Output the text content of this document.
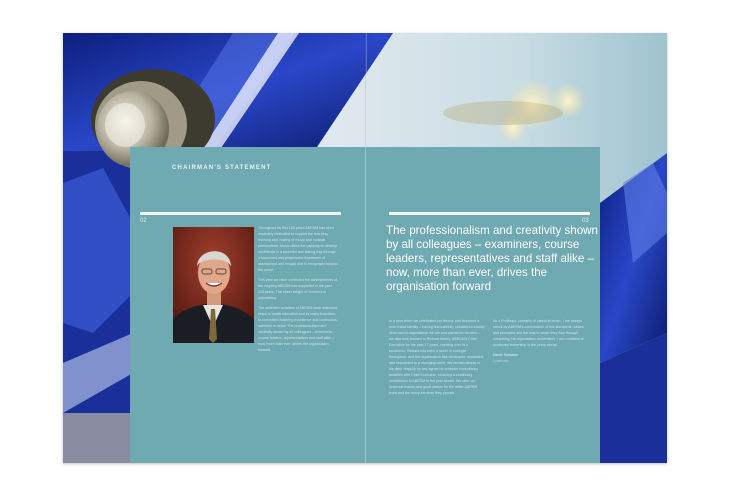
CHAIRMAN'S STATEMENT
02

Throughout its first 125 years ABRSM has been resolutely motivated to support the teaching, learning and making of music and musical performance. Music offers the capacity to develop confidence in a powerful and lasting way through a structured and progressive framework of assessment and reward that is recognised around the world.

This year we have continued the achievements of the ongoing ABRSM has supported in the past 125 years. The sheer weight of numbers is astonishing.

The collective activities of ABRSM have extensive reach in music education and its many branches, to committed fostering excellence and continuous attention to detail. The professionalism and creativity shown by all colleagues – examiners, course leaders, representatives and staff alike – now, more than ever, drives the organisation forward.

03
The professionalism and creativity shown by all colleagues – examiners, course leaders, representatives and staff alike – now, more than ever, drives the organisation forward
In a year when we celebrated our history and launched a new brand identity – having first carefully considered exactly what sort of organisation we are and wanted to become – we also look forward to Richard Morris, ABRSM's Chief Executive for the past 17 years, handing over to a successor. Richard has been a tower of strength throughout, and the organisation has developed, expanded, and responded to a changing world. We remain deeply in his debt. Happily he has agreed to continue consultancy activities with Chief Executive, ensuring a continuing contribution to ABRSM in the year ahead. We offer our sincerest thanks and good wishes for the wider ABRSM team and the many services they provide.

As a Professor, primarily of classical music, I am always struck by ABRSM's combination of fine standards, values and principles and the way in which they flow through everything the organisation undertakes. I am confident of continued leadership in the years ahead.

Name Surname
Chairman
